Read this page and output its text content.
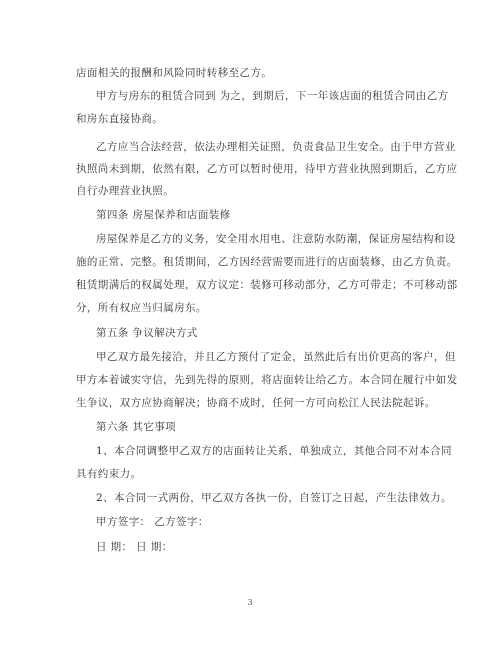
店面相关的报酬和风险同时转移至乙方。
甲方与房东的租赁合同到 为之，到期后，下一年该店面的租赁合同由乙方
和房东直接协商。
乙方应当合法经营，依法办理相关证照，负责食品卫生安全。由于甲方营业
执照尚未到期，依然有限，乙方可以暂时使用，待甲方营业执照到期后，乙方应
自行办理营业执照。
第四条 房屋保养和店面装修
房屋保养是乙方的义务，安全用水用电、注意防水防潮，保证房屋结构和设
施的正常、完整。租赁期间，乙方因经营需要而进行的店面装修，由乙方负责。
租赁期满后的权属处理，双方议定：装修可移动部分，乙方可带走；不可移动部
分，所有权应当归属房东。
第五条 争议解决方式
甲乙双方最先接洽，并且乙方预付了定金，虽然此后有出价更高的客户，但
甲方本着诚实守信，先到先得的原则，将店面转让给乙方。本合同在履行中如发
生争议，双方应协商解决；协商不成时，任何一方可向松江人民法院起诉。
第六条 其它事项
1、本合同调整甲乙双方的店面转让关系，单独成立，其他合同不对本合同
具有约束力。
2、本合同一式两份，甲乙双方各执一份，自签订之日起，产生法律效力。
甲方签字： 乙方签字：
日 期： 日 期：
3
